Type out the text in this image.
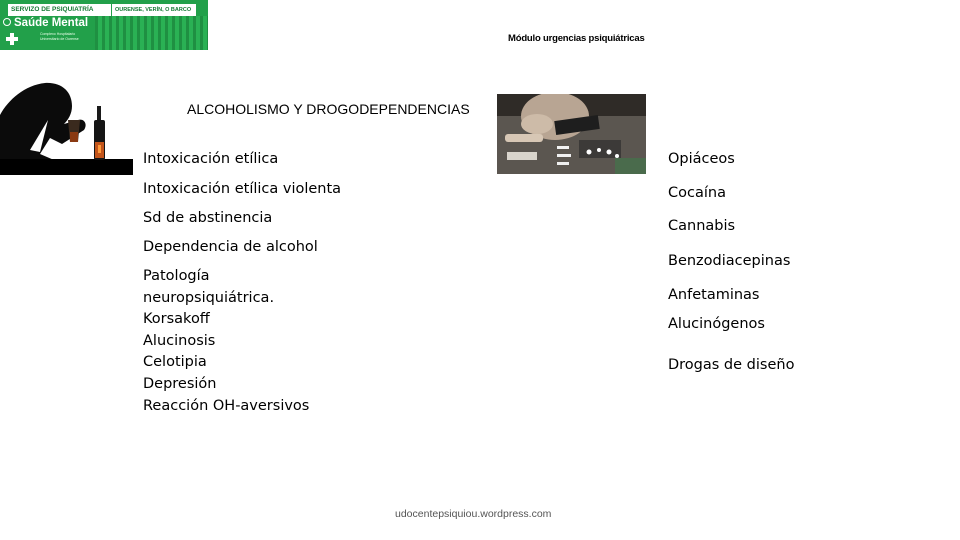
SERVIZO DE PSIQUIATRÍA	OURENSE, VERÍN, O BARCO
Saúde Mental
Complexo Hospitalario Universitario de Ourense	Módulo urgencias psiquiátricas
ALCOHOLISMO Y DROGODEPENDENCIAS
Intoxicación etílica
Intoxicación etílica violenta
Sd de abstinencia
Dependencia de alcohol
Patología
neuropsiquiátrica.
Korsakoff
Alucinosis
Celotipia
Depresión
Reacción OH-aversivos
Opiáceos
Cocaína
Cannabis
Benzodiacepinas
Anfetaminas
Alucinógenos
Drogas de diseño
udocentepsiquiou.wordpress.com
